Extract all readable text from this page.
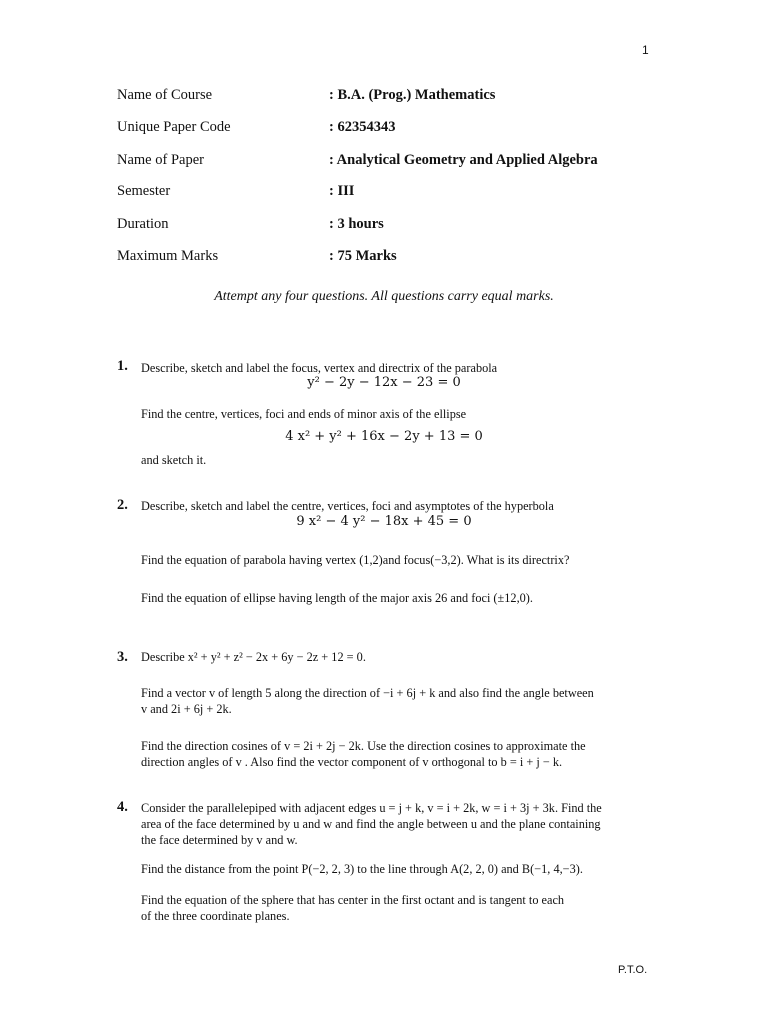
1
Name of Course	: B.A. (Prog.) Mathematics
Unique Paper Code	: 62354343
Name of Paper	: Analytical Geometry and Applied Algebra
Semester	: III
Duration	: 3 hours
Maximum Marks	: 75 Marks
Attempt any four questions. All questions carry equal marks.
1. Describe, sketch and label the focus, vertex and directrix of the parabola
y² − 2y − 12x − 23 = 0
Find the centre, vertices, foci and ends of minor axis of the ellipse
4 x² + y² + 16x − 2y + 13 = 0
and sketch it.
2. Describe, sketch and label the centre, vertices, foci and asymptotes of the hyperbola
9 x² − 4 y² − 18x + 45 = 0
Find the equation of parabola having vertex (1,2)and focus(−3,2). What is its directrix?
Find the equation of ellipse having length of the major axis 26 and foci (±12,0).
3. Describe x² + y² + z² − 2x + 6y − 2z + 12 = 0.
Find a vector v of length 5 along the direction of −i + 6j + k and also find the angle between
v and 2i + 6j + 2k.
Find the direction cosines of v = 2i + 2j − 2k. Use the direction cosines to approximate the
direction angles of v . Also find the vector component of v orthogonal to b = i + j − k.
4. Consider the parallelepiped with adjacent edges u = j + k, v = i + 2k, w = i + 3j + 3k. Find the
area of the face determined by u and w and find the angle between u and the plane containing
the face determined by v and w.
Find the distance from the point P(−2, 2, 3) to the line through A(2, 2, 0) and B(−1, 4,−3).
Find the equation of the sphere that has center in the first octant and is tangent to each
of the three coordinate planes.
P.T.O.
